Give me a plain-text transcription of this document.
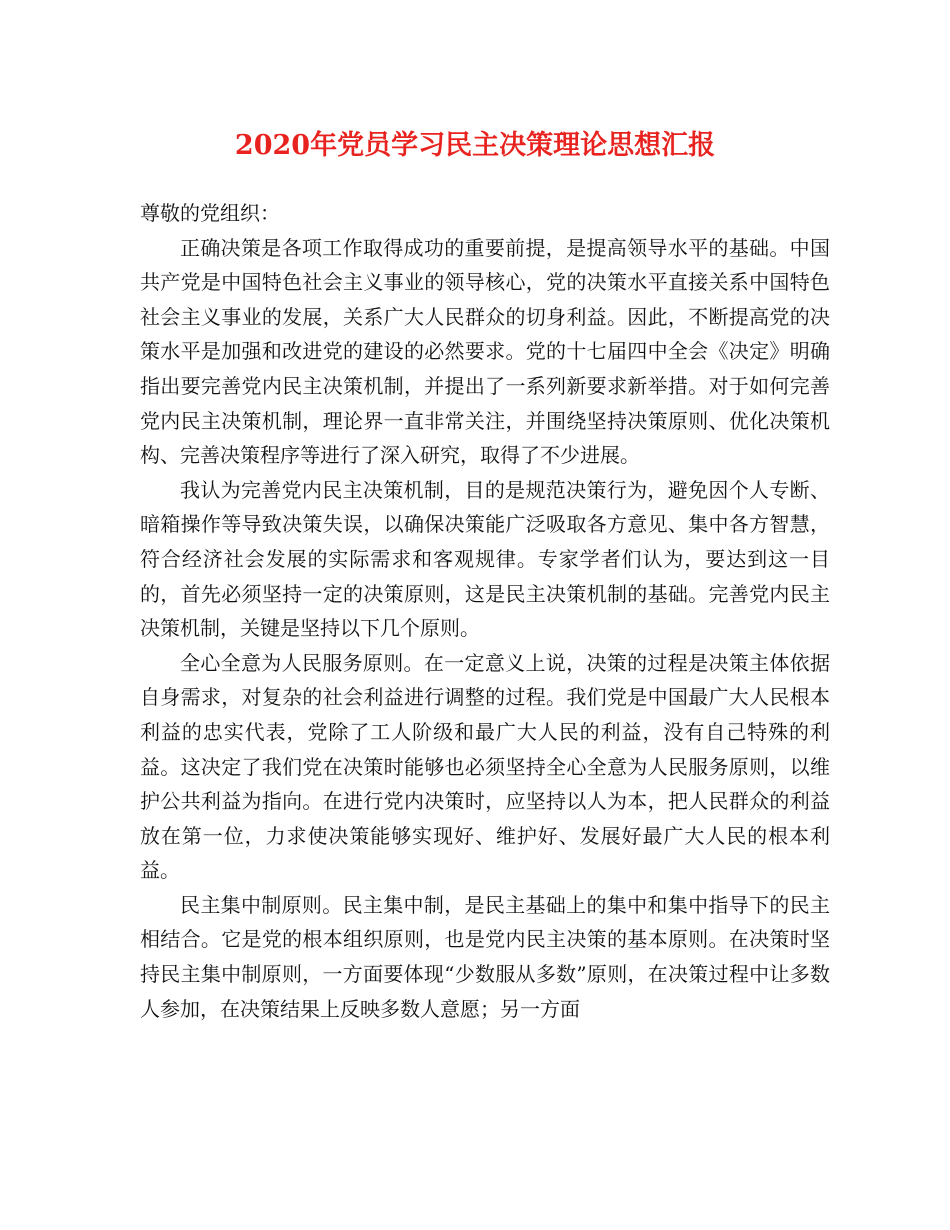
2020年党员学习民主决策理论思想汇报

尊敬的党组织：

正确决策是各项工作取得成功的重要前提，是提高领导水平的基础。中国共产党是中国特色社会主义事业的领导核心，党的决策水平直接关系中国特色社会主义事业的发展，关系广大人民群众的切身利益。因此，不断提高党的决策水平是加强和改进党的建设的必然要求。党的十七届四中全会《决定》明确指出要完善党内民主决策机制，并提出了一系列新要求新举措。对于如何完善党内民主决策机制，理论界一直非常关注，并围绕坚持决策原则、优化决策机构、完善决策程序等进行了深入研究，取得了不少进展。

我认为完善党内民主决策机制，目的是规范决策行为，避免因个人专断、暗箱操作等导致决策失误，以确保决策能广泛吸取各方意见、集中各方智慧，符合经济社会发展的实际需求和客观规律。专家学者们认为，要达到这一目的，首先必须坚持一定的决策原则，这是民主决策机制的基础。完善党内民主决策机制，关键是坚持以下几个原则。

全心全意为人民服务原则。在一定意义上说，决策的过程是决策主体依据自身需求，对复杂的社会利益进行调整的过程。我们党是中国最广大人民根本利益的忠实代表，党除了工人阶级和最广大人民的利益，没有自己特殊的利益。这决定了我们党在决策时能够也必须坚持全心全意为人民服务原则，以维护公共利益为指向。在进行党内决策时，应坚持以人为本，把人民群众的利益放在第一位，力求使决策能够实现好、维护好、发展好最广大人民的根本利益。

民主集中制原则。民主集中制，是民主基础上的集中和集中指导下的民主相结合。它是党的根本组织原则，也是党内民主决策的基本原则。在决策时坚持民主集中制原则，一方面要体现“少数服从多数”原则，在决策过程中让多数人参加，在决策结果上反映多数人意愿；另一方面
